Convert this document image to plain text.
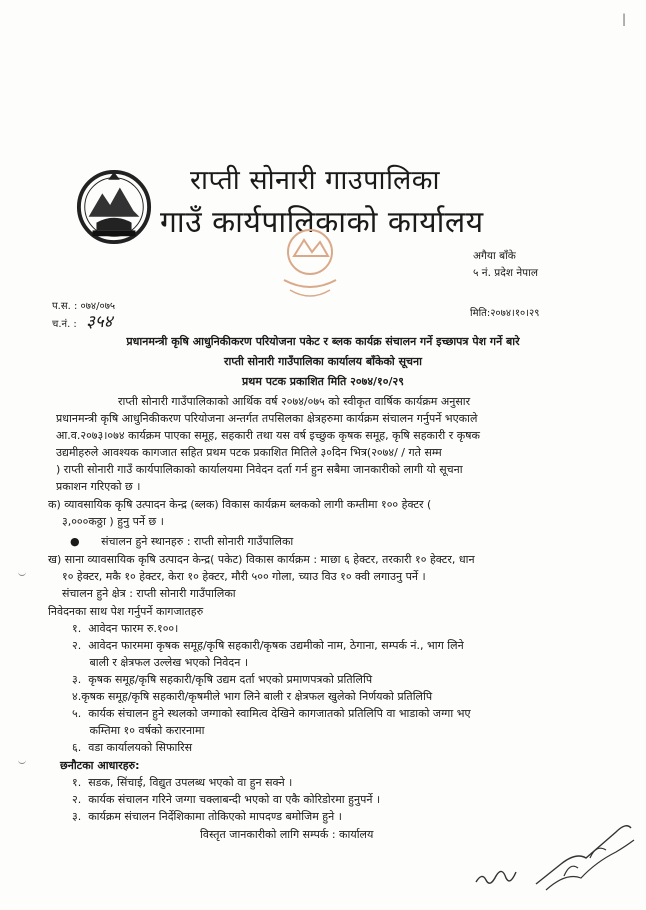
|
राप्ती सोनारी गाउपालिका
गाउँ कार्यपालिकाको कार्यालय
अगैया बाँके
५ नं. प्रदेश नेपाल
प.स. : ०७४/०७५
च.नं. : ३५४	मिति:२०७४।१०।२९
प्रधानमन्त्री कृषि आधुनिकीकरण परियोजना पकेट र ब्लक कार्यक्र संचालन गर्ने इच्छापत्र पेश गर्ने बारे
राप्ती सोनारी गाउँपालिका कार्यालय बाँकेको सूचना
प्रथम पटक प्रकाशित मिति २०७४/१०/२९
राप्ती सोनारी गाउँपालिकाको आर्थिक वर्ष २०७४/०७५ को स्वीकृत वार्षिक कार्यक्रम अनुसार
प्रधानमन्त्री कृषि आधुनिकीकरण परियोजना अन्तर्गत तपसिलका क्षेत्रहरुमा कार्यक्रम संचालन गर्नुपर्ने भएकाले
आ.व.२०७३।०७४ कार्यक्रम पाएका समूह, सहकारी तथा यस वर्ष इच्छुक कृषक समूह, कृषि सहकारी र कृषक
उद्यमीहरुले आवश्यक कागजात सहित प्रथम पटक प्रकाशित मितिले ३०दिन भित्र(२०७४/ / गते सम्म
) राप्ती सोनारी गाउँ कार्यपालिकाको कार्यालयमा निवेदन दर्ता गर्न हुन सबैमा जानकारीको लागी यो सूचना
प्रकाशन गरिएको छ ।
क) व्यावसायिक कृषि उत्पादन केन्द्र (ब्लक) विकास कार्यक्रम ब्लकको लागी कम्तीमा १०० हेक्टर (
३,०००कठ्ठा ) हुनु पर्ने छ ।
● संचालन हुने स्थानहरु : राप्ती सोनारी गाउँपालिका
ख) साना व्यावसायिक कृषि उत्पादन केन्द्र( पकेट) विकास कार्यक्रम : माछा ६ हेक्टर, तरकारी १० हेक्टर, धान
१० हेक्टर, मकै १० हेक्टर, केरा १० हेक्टर, मौरी ५०० गोला, च्याउ विउ १० क्वी लगाउनु पर्ने ।
संचालन हुने क्षेत्र : राप्ती सोनारी गाउँपालिका
निवेदनका साथ पेश गर्नुपर्ने कागजातहरु
१.  आवेदन फारम रु.१००।
२.  आवेदन फारममा कृषक समूह/कृषि सहकारी/कृषक उद्यमीको नाम, ठेगाना, सम्पर्क नं., भाग लिने
बाली र क्षेत्रफल उल्लेख भएको निवेदन ।
३.  कृषक समूह/कृषि सहकारी/कृषि उद्यम दर्ता भएको प्रमाणपत्रको प्रतिलिपि
४.कृषक समूह/कृषि सहकारी/कृषमीले भाग लिने बाली र क्षेत्रफल खुलेको निर्णयको प्रतिलिपि
५.  कार्यक संचालन हुने स्थलको जग्गाको स्वामित्व देखिने कागजातको प्रतिलिपि वा भाडाको जग्गा भए
कम्तिमा १० वर्षको करारनामा
६.  वडा कार्यालयको सिफारिस
छनौटका आधारहरु:
१.  सडक, सिंचाई, विद्युत उपलब्ध भएको वा हुन सक्ने ।
२.  कार्यक संचालन गरिने जग्गा चक्लाबन्दी भएको वा एकै कोरिडोरमा हुनुपर्ने ।
३.  कार्यक्रम संचालन निर्देशिकामा तोकिएको मापदण्ड बमोजिम हुने ।
विस्तृत जानकारीको लागि सम्पर्क : कार्यालय
